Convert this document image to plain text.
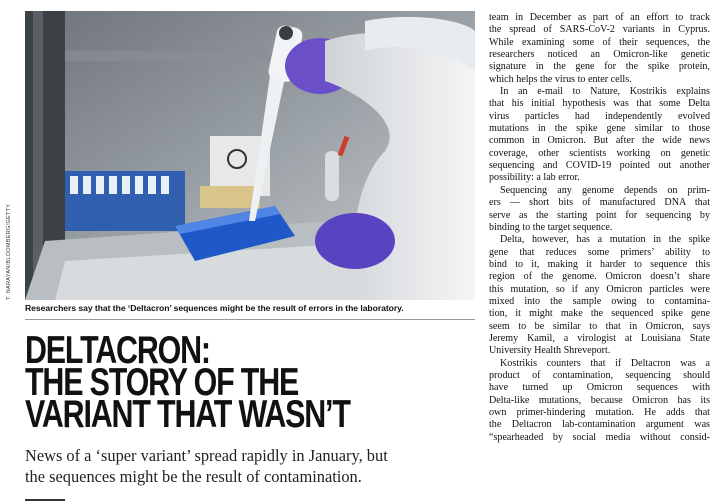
T. NARAYAN/BLOOMBERG/GETTY
Researchers say that the ‘Deltacron’ sequences might be the result of errors in the laboratory.
DELTACRON:
THE STORY OF THE
VARIANT THAT WASN’T

News of a ‘super variant’ spread rapidly in January, but
the sequences might be the result of contamination.

team in December as part of an effort to track
the spread of SARS-CoV-2 variants in Cyprus.
While examining some of their sequences, the
researchers noticed an Omicron-like genetic
signature in the gene for the spike protein,
which helps the virus to enter cells.
In an e-mail to Nature, Kostrikis explains
that his initial hypothesis was that some Delta
virus particles had independently evolved
mutations in the spike gene similar to those
common in Omicron. But after the wide news
coverage, other scientists working on genetic
sequencing and COVID-19 pointed out another
possibility: a lab error.
Sequencing any genome depends on prim-
ers — short bits of manufactured DNA that
serve as the starting point for sequencing by
binding to the target sequence.
Delta, however, has a mutation in the spike
gene that reduces some primers’ ability to
bind to it, making it harder to sequence this
region of the genome. Omicron doesn’t share
this mutation, so if any Omicron particles were
mixed into the sample owing to contamina-
tion, it might make the sequenced spike gene
seem to be similar to that in Omicron, says
Jeremy Kamil, a virologist at Louisiana State
University Health Shreveport.
Kostrikis counters that if Deltacron was a
product of contamination, sequencing should
have turned up Omicron sequences with
Delta-like mutations, because Omicron has its
own primer-hindering mutation. He adds that
the Deltacron lab-contamination argument was
“spearheaded by social media without consid-
